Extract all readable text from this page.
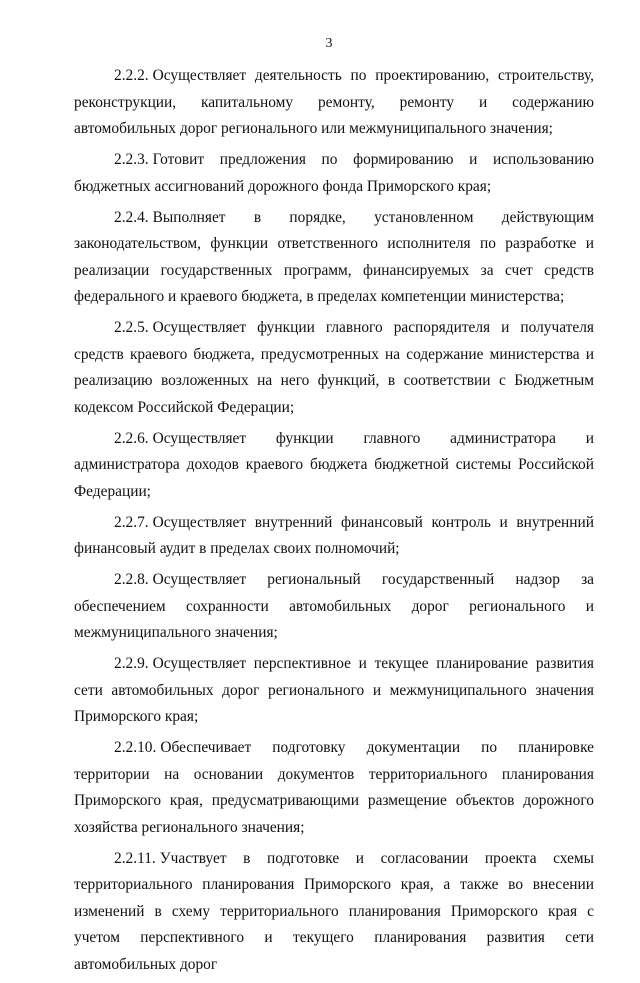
3

2.2.2. Осуществляет деятельность по проектированию, строительству, реконструкции, капитальному ремонту, ремонту и содержанию автомобильных дорог регионального или межмуниципального значения;

2.2.3. Готовит предложения по формированию и использованию бюджетных ассигнований дорожного фонда Приморского края;

2.2.4. Выполняет в порядке, установленном действующим законодательством, функции ответственного исполнителя по разработке и реализации государственных программ, финансируемых за счет средств федерального и краевого бюджета, в пределах компетенции министерства;

2.2.5. Осуществляет функции главного распорядителя и получателя средств краевого бюджета, предусмотренных на содержание министерства и реализацию возложенных на него функций, в соответствии с Бюджетным кодексом Российской Федерации;

2.2.6. Осуществляет функции главного администратора и администратора доходов краевого бюджета бюджетной системы Российской Федерации;

2.2.7. Осуществляет внутренний финансовый контроль и внутренний финансовый аудит в пределах своих полномочий;

2.2.8. Осуществляет региональный государственный надзор за обеспечением сохранности автомобильных дорог регионального и межмуниципального значения;

2.2.9. Осуществляет перспективное и текущее планирование развития сети автомобильных дорог регионального и межмуниципального значения Приморского края;

2.2.10. Обеспечивает подготовку документации по планировке территории на основании документов территориального планирования Приморского края, предусматривающими размещение объектов дорожного хозяйства регионального значения;

2.2.11. Участвует в подготовке и согласовании проекта схемы территориального планирования Приморского края, а также во внесении изменений в схему территориального планирования Приморского края с учетом перспективного и текущего планирования развития сети автомобильных дорог
